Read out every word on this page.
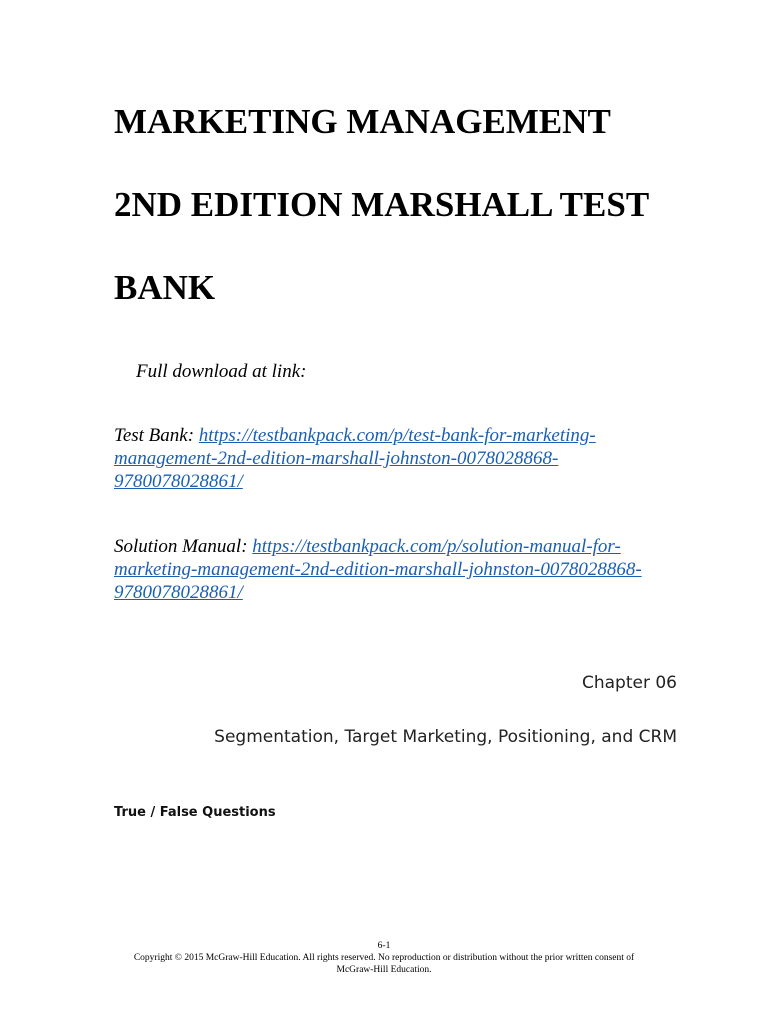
MARKETING MANAGEMENT
2ND EDITION MARSHALL TEST
BANK
Full download at link:
Test Bank: https://testbankpack.com/p/test-bank-for-marketing-
management-2nd-edition-marshall-johnston-0078028868-
9780078028861/
Solution Manual: https://testbankpack.com/p/solution-manual-for-
marketing-management-2nd-edition-marshall-johnston-0078028868-
9780078028861/
Chapter 06
Segmentation, Target Marketing, Positioning, and CRM
True / False Questions
6-1
Copyright © 2015 McGraw-Hill Education. All rights reserved. No reproduction or distribution without the prior written consent of
McGraw-Hill Education.
